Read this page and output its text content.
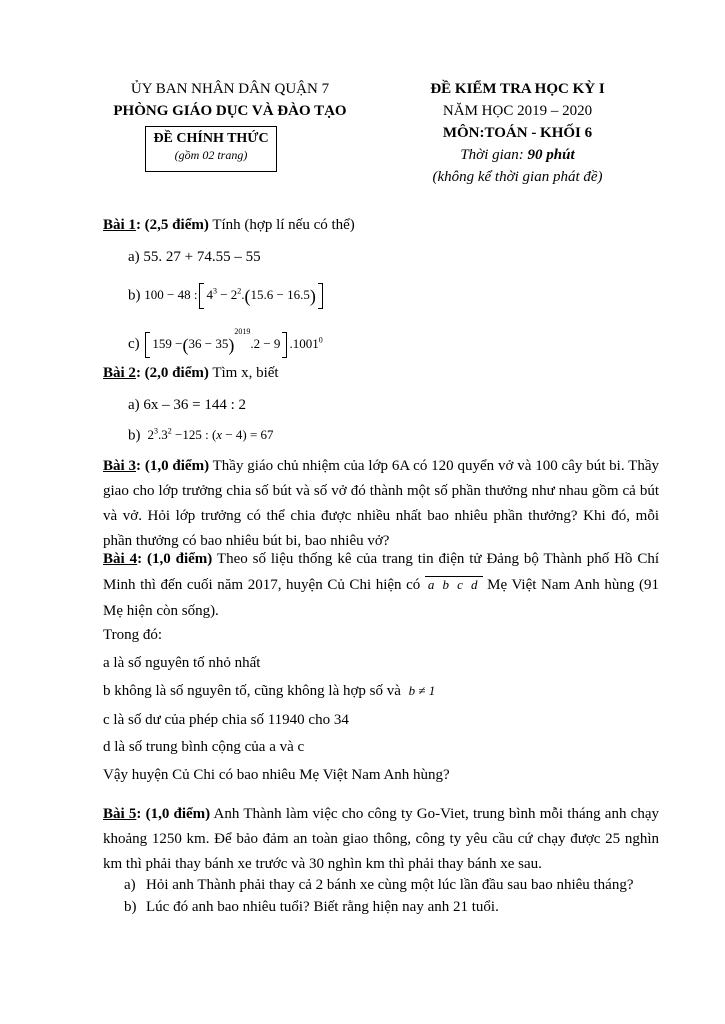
ỦY BAN NHÂN DÂN QUẬN 7
PHÒNG GIÁO DỤC VÀ ĐÀO TẠO
ĐỀ CHÍNH THỨC
(gồm 02 trang)
ĐỀ KIỂM TRA HỌC KỲ I
NĂM HỌC 2019 – 2020
MÔN:TOÁN - KHỐI 6
Thời gian: 90 phút
(không kể thời gian phát đề)
Bài 1: (2,5 điểm) Tính (hợp lí nếu có thể)
a) 55. 27 + 74.55 – 55
b) 100 − 48 : $4^3 - 2^2.(15.6 - 16.5)$
c) $159 -(36 - 35)^{2019}.2 - 9$ .1001$^0$
Bài 2: (2,0 điểm) Tìm x, biết
a) 6x – 36 = 144 : 2
b) $2^3.3^2 -125$ : (x − 4) = 67
Bài 3: (1,0 điểm) Thầy giáo chủ nhiệm của lớp 6A có 120 quyển vở và 100 cây bút bi. Thầy giao cho lớp trưởng chia số bút và số vở đó thành một số phần thưởng như nhau gồm cả bút và vở. Hỏi lớp trưởng có thể chia được nhiều nhất bao nhiêu phần thưởng? Khi đó, mỗi phần thưởng có bao nhiêu bút bi, bao nhiêu vở?
Bài 4: (1,0 điểm) Theo số liệu thống kê của trang tin điện tử Đảng bộ Thành phố Hồ Chí Minh thì đến cuối năm 2017, huyện Củ Chi hiện có a b c d Mẹ Việt Nam Anh hùng (91 Mẹ hiện còn sống).
Trong đó:
a là số nguyên tố nhỏ nhất
b không là số nguyên tố, cũng không là hợp số và b ≠ 1
c là số dư của phép chia số 11940 cho 34
d là số trung bình cộng của a và c
Vậy huyện Củ Chi có bao nhiêu Mẹ Việt Nam Anh hùng?
Bài 5: (1,0 điểm) Anh Thành làm việc cho công ty Go-Viet, trung bình mỗi tháng anh chạy khoảng 1250 km. Để bảo đảm an toàn giao thông, công ty yêu cầu cứ chạy được 25 nghìn km thì phải thay bánh xe trước và 30 nghìn km thì phải thay bánh xe sau.
a) Hỏi anh Thành phải thay cả 2 bánh xe cùng một lúc lần đầu sau bao nhiêu tháng?
b) Lúc đó anh bao nhiêu tuổi? Biết rằng hiện nay anh 21 tuổi.
